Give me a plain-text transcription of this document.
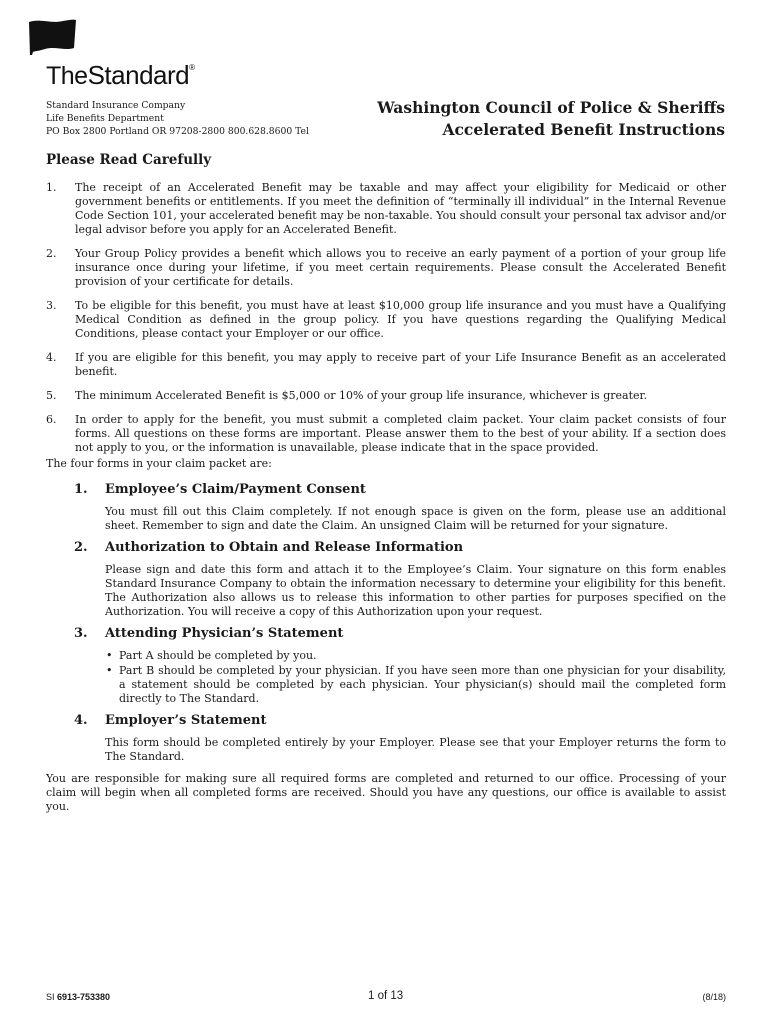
TheStandard®
Standard Insurance Company
Life Benefits Department
PO Box 2800 Portland OR 97208-2800 800.628.8600 Tel
Washington Council of Police & Sheriffs
Accelerated Benefit Instructions
Please Read Carefully
1. The receipt of an Accelerated Benefit may be taxable and may affect your eligibility for Medicaid or other government benefits or entitlements. If you meet the definition of “terminally ill individual” in the Internal Revenue Code Section 101, your accelerated benefit may be non-taxable. You should consult your personal tax advisor and/or legal advisor before you apply for an Accelerated Benefit.
2. Your Group Policy provides a benefit which allows you to receive an early payment of a portion of your group life insurance once during your lifetime, if you meet certain requirements. Please consult the Accelerated Benefit provision of your certificate for details.
3. To be eligible for this benefit, you must have at least $10,000 group life insurance and you must have a Qualifying Medical Condition as defined in the group policy. If you have questions regarding the Qualifying Medical Conditions, please contact your Employer or our office.
4. If you are eligible for this benefit, you may apply to receive part of your Life Insurance Benefit as an accelerated benefit.
5. The minimum Accelerated Benefit is $5,000 or 10% of your group life insurance, whichever is greater.
6. In order to apply for the benefit, you must submit a completed claim packet. Your claim packet consists of four forms. All questions on these forms are important. Please answer them to the best of your ability. If a section does not apply to you, or the information is unavailable, please indicate that in the space provided.
The four forms in your claim packet are:
1. Employee’s Claim/Payment Consent
You must fill out this Claim completely. If not enough space is given on the form, please use an additional sheet. Remember to sign and date the Claim. An unsigned Claim will be returned for your signature.
2. Authorization to Obtain and Release Information
Please sign and date this form and attach it to the Employee’s Claim. Your signature on this form enables Standard Insurance Company to obtain the information necessary to determine your eligibility for this benefit. The Authorization also allows us to release this information to other parties for purposes specified on the Authorization. You will receive a copy of this Authorization upon your request.
3. Attending Physician’s Statement
• Part A should be completed by you.
• Part B should be completed by your physician. If you have seen more than one physician for your disability, a statement should be completed by each physician. Your physician(s) should mail the completed form directly to The Standard.
4. Employer’s Statement
This form should be completed entirely by your Employer. Please see that your Employer returns the form to The Standard.
You are responsible for making sure all required forms are completed and returned to our office. Processing of your claim will begin when all completed forms are received. Should you have any questions, our office is available to assist you.
SI 6913-753380	1 of 13	(8/18)
